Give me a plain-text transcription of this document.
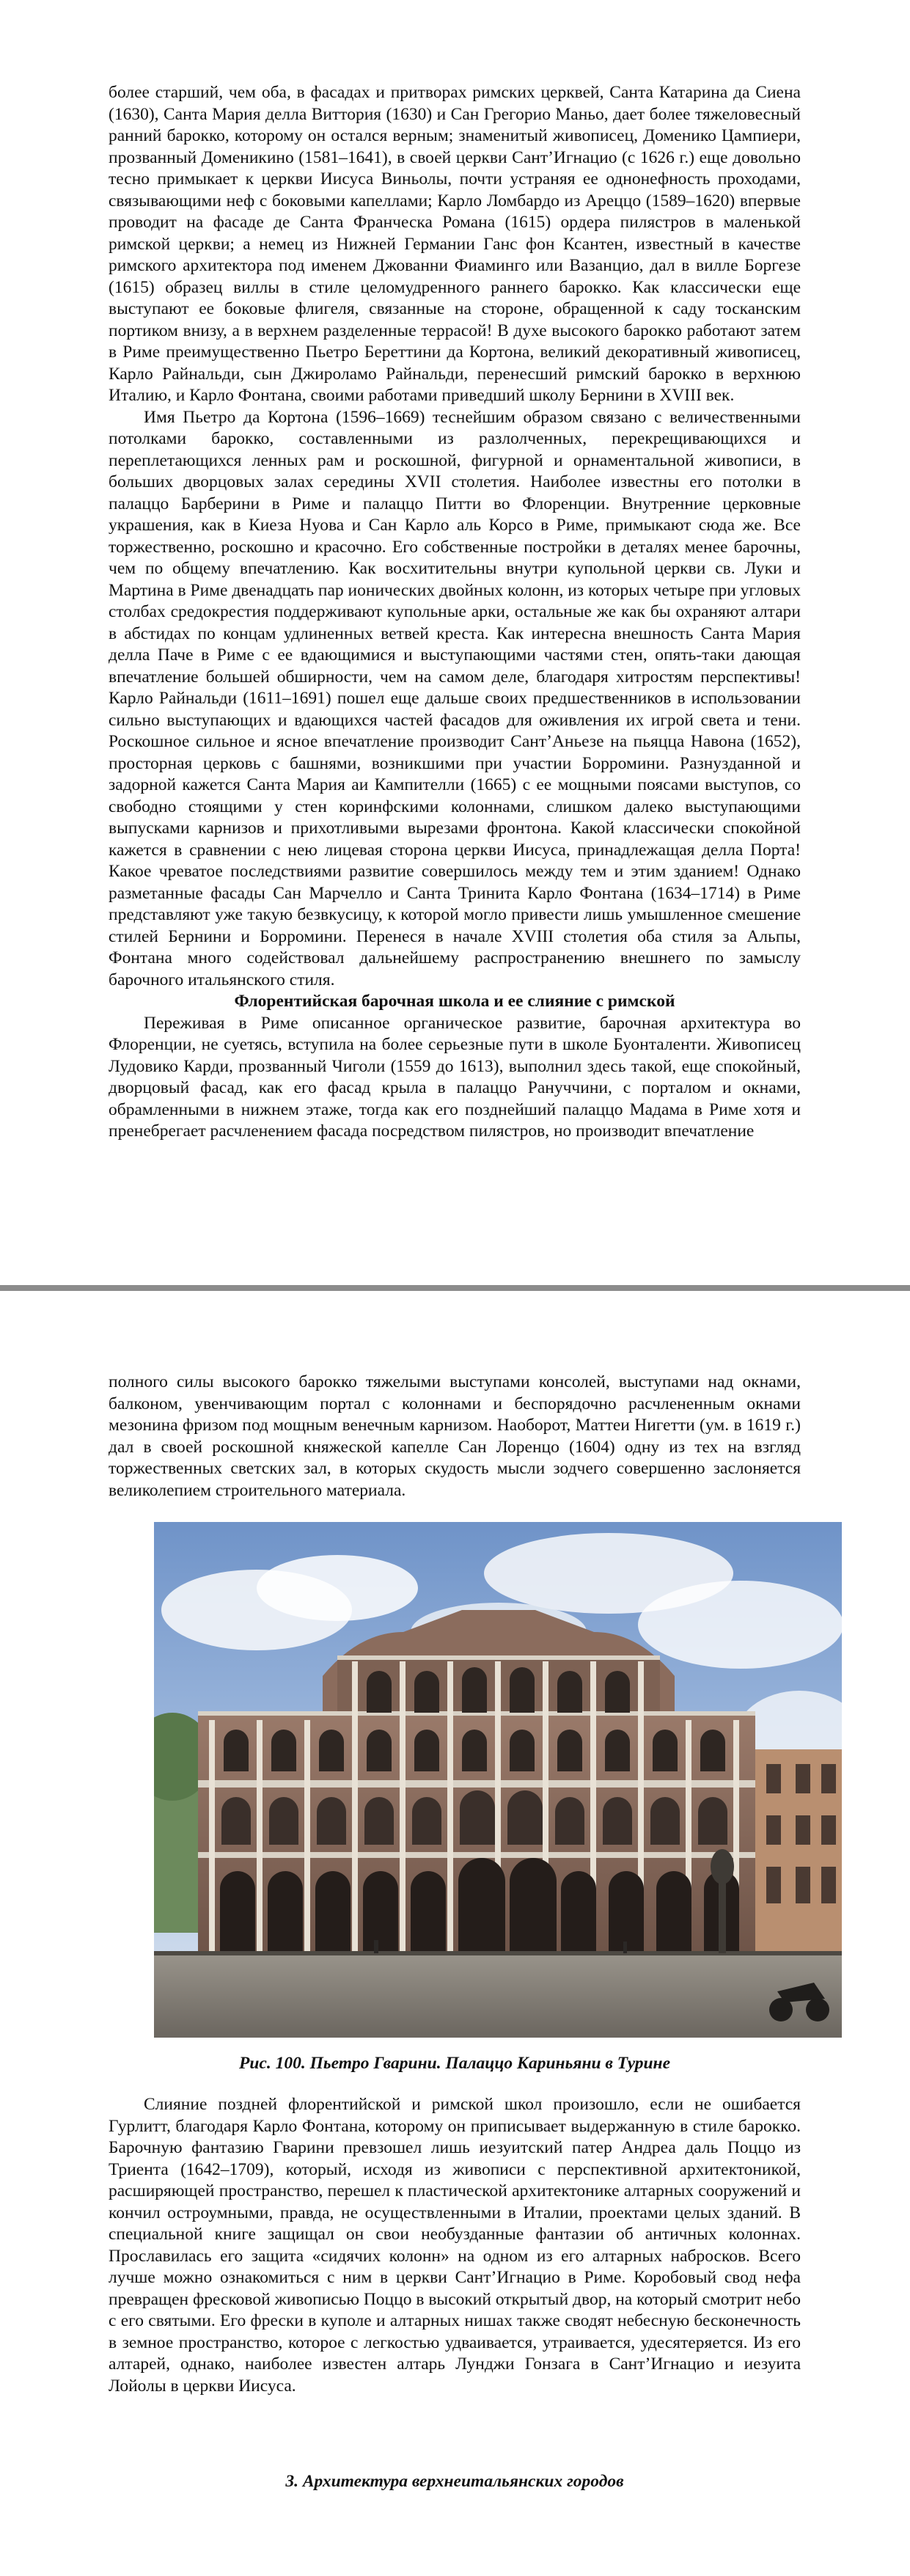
более старший, чем оба, в фасадах и притворах римских церквей, Санта Катарина да Сиена (1630), Санта Мария делла Виттория (1630) и Сан Грегорио Маньо, дает более тяжеловесный ранний барокко, которому он остался верным; знаменитый живописец, Доменико Цампиери, прозванный Доменикино (1581–1641), в своей церкви Сант’Игнацио (с 1626 г.) еще довольно тесно примыкает к церкви Иисуса Виньолы, почти устраняя ее однонефность проходами, связывающими неф с боковыми капеллами; Карло Ломбардо из Ареццо (1589–1620) впервые проводит на фасаде де Санта Франческа Романа (1615) ордера пилястров в маленькой римской церкви; а немец из Нижней Германии Ганс фон Ксантен, известный в качестве римского архитектора под именем Джованни Фиаминго или Вазанцио, дал в вилле Боргезе (1615) образец виллы в стиле целомудренного раннего барокко. Как классически еще выступают ее боковые флигеля, связанные на стороне, обращенной к саду тосканским портиком внизу, а в верхнем разделенные террасой! В духе высокого барокко работают затем в Риме преимущественно Пьетро Береттини да Кортона, великий декоративный живописец, Карло Райнальди, сын Джироламо Райнальди, перенесший римский барокко в верхнюю Италию, и Карло Фонтана, своими работами приведший школу Бернини в XVIII век.

Имя Пьетро да Кортона (1596–1669) теснейшим образом связано с величественными потолками барокко, составленными из разлолченных, перекрещивающихся и переплетающихся ленных рам и роскошной, фигурной и орнаментальной живописи, в больших дворцовых залах середины XVII столетия. Наиболее известны его потолки в палаццо Барберини в Риме и палаццо Питти во Флоренции. Внутренние церковные украшения, как в Киеза Нуова и Сан Карло аль Корсо в Риме, примыкают сюда же. Все торжественно, роскошно и красочно. Его собственные постройки в деталях менее барочны, чем по общему впечатлению. Как восхитительны внутри купольной церкви св. Луки и Мартина в Риме двенадцать пар ионических двойных колонн, из которых четыре при угловых столбах средокрестия поддерживают купольные арки, остальные же как бы охраняют алтари в абстидах по концам удлиненных ветвей креста. Как интересна внешность Санта Мария делла Паче в Риме с ее вдающимися и выступающими частями стен, опять-таки дающая впечатление большей обширности, чем на самом деле, благодаря хитростям перспективы! Карло Райнальди (1611–1691) пошел еще дальше своих предшественников в использовании сильно выступающих и вдающихся частей фасадов для оживления их игрой света и тени. Роскошное сильное и ясное впечатление производит Сант’Аньезе на пьяцца Навона (1652), просторная церковь с башнями, возникшими при участии Борромини. Разнузданной и задорной кажется Санта Мария аи Кампителли (1665) с ее мощными поясами выступов, со свободно стоящими у стен коринфскими колоннами, слишком далеко выступающими выпусками карнизов и прихотливыми вырезами фронтона. Какой классически спокойной кажется в сравнении с нею лицевая сторона церкви Иисуса, принадлежащая делла Порта! Какое чреватое последствиями развитие совершилось между тем и этим зданием! Однако разметанные фасады Сан Марчелло и Санта Тринита Карло Фонтана (1634–1714) в Риме представляют уже такую безвкусицу, к которой могло привести лишь умышленное смешение стилей Бернини и Борромини. Перенеся в начале XVIII столетия оба стиля за Альпы, Фонтана много содействовал дальнейшему распространению внешнего по замыслу барочного итальянского стиля.

Флорентийская барочная школа и ее слияние с римской

Переживая в Риме описанное органическое развитие, барочная архитектура во Флоренции, не суетясь, вступила на более серьезные пути в школе Буонталенти. Живописец Лудовико Карди, прозванный Чиголи (1559 до 1613), выполнил здесь такой, еще спокойный, дворцовый фасад, как его фасад крыла в палаццо Рануччини, с порталом и окнами, обрамленными в нижнем этаже, тогда как его позднейший палаццо Мадама в Риме хотя и пренебрегает расчленением фасада посредством пилястров, но производит впечатление

полного силы высокого барокко тяжелыми выступами консолей, выступами над окнами, балконом, увенчивающим портал с колоннами и беспорядочно расчлененным окнами мезонина фризом под мощным венечным карнизом. Наоборот, Маттеи Нигетти (ум. в 1619 г.) дал в своей роскошной княжеской капелле Сан Лоренцо (1604) одну из тех на взгляд торжественных светских зал, в которых скудость мысли зодчего совершенно заслоняется великолепием строительного материала.

Рис. 100. Пьетро Гварини. Палаццо Кариньяни в Турине

Слияние поздней флорентийской и римской школ произошло, если не ошибается Гурлитт, благодаря Карло Фонтана, которому он приписывает выдержанную в стиле барокко. Барочную фантазию Гварини превзошел лишь иезуитский патер Андреа даль Поццо из Триента (1642–1709), который, исходя из живописи с перспективной архитектоникой, расширяющей пространство, перешел к пластической архитектонике алтарных сооружений и кончил остроумными, правда, не осуществленными в Италии, проектами целых зданий. В специальной книге защищал он свои необузданные фантазии об античных колоннах. Прославилась его защита «сидячих колонн» на одном из его алтарных набросков. Всего лучше можно ознакомиться с ним в церкви Сант’Игнацио в Риме. Коробовый свод нефа превращен фресковой живописью Поццо в высокий открытый двор, на который смотрит небо с его святыми. Его фрески в куполе и алтарных нишах также сводят небесную бесконечность в земное пространство, которое с легкостью удваивается, утраивается, удесятеряется. Из его алтарей, однако, наиболее известен алтарь Лунджи Гонзага в Сант’Игнацио и иезуита Лойолы в церкви Иисуса.

3. Архитектура верхнеитальянских городов
